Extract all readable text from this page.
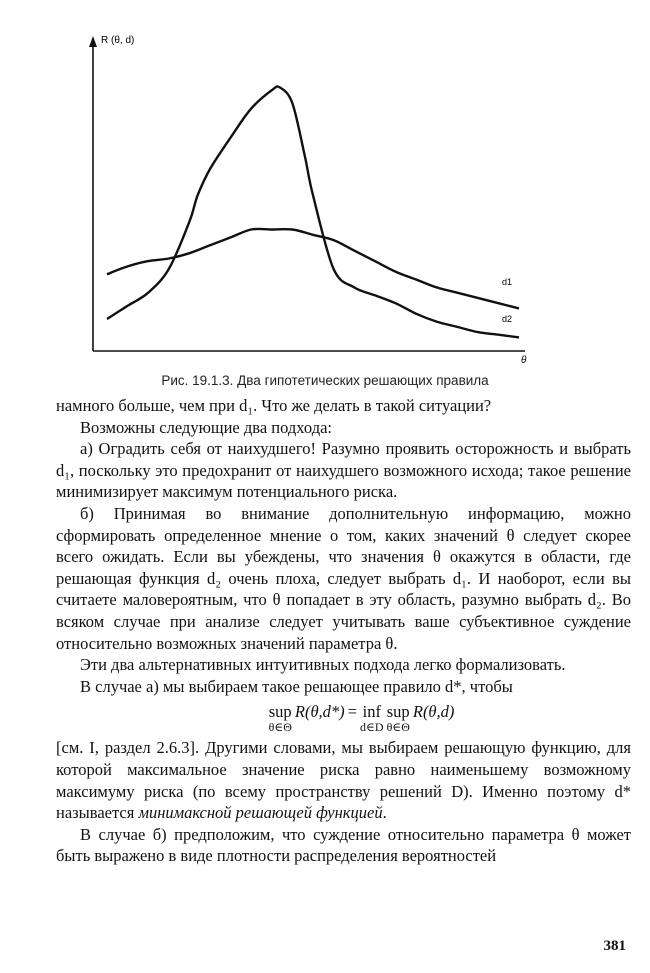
R (θ, d)
θ
d1
d2
Рис. 19.1.3. Два гипотетических решающих правила

намного больше, чем при d₁. Что же делать в такой ситуации?

Возможны следующие два подхода:

а) Оградить себя от наихудшего! Разумно проявить осторожность и выбрать d₁, поскольку это предохранит от наихудшего возможного исхода; такое решение минимизирует максимум потенциального риска.

б) Принимая во внимание дополнительную информацию, можно сформировать определенное мнение о том, каких значений θ следует скорее всего ожидать. Если вы убеждены, что значения θ окажутся в области, где решающая функция d₂ очень плоха, следует выбрать d₁. И наоборот, если вы считаете маловероятным, что θ попадает в эту область, разумно выбрать d₂. Во всяком случае при анализе следует учитывать ваше субъективное суждение относительно возможных значений параметра θ.

Эти два альтернативных интуитивных подхода легко формализовать.

В случае а) мы выбираем такое решающее правило d*, чтобы

sup
θ∈Θ
R(θ,d*) = inf
d∈D
sup
θ∈Θ
R(θ,d)

[см. I, раздел 2.6.3]. Другими словами, мы выбираем решающую функцию, для которой максимальное значение риска равно наименьшему возможному максимуму риска (по всему пространству решений D). Именно поэтому d* называется минимаксной решающей функцией.

В случае б) предположим, что суждение относительно параметра θ может быть выражено в виде плотности распределения вероятностей

381
